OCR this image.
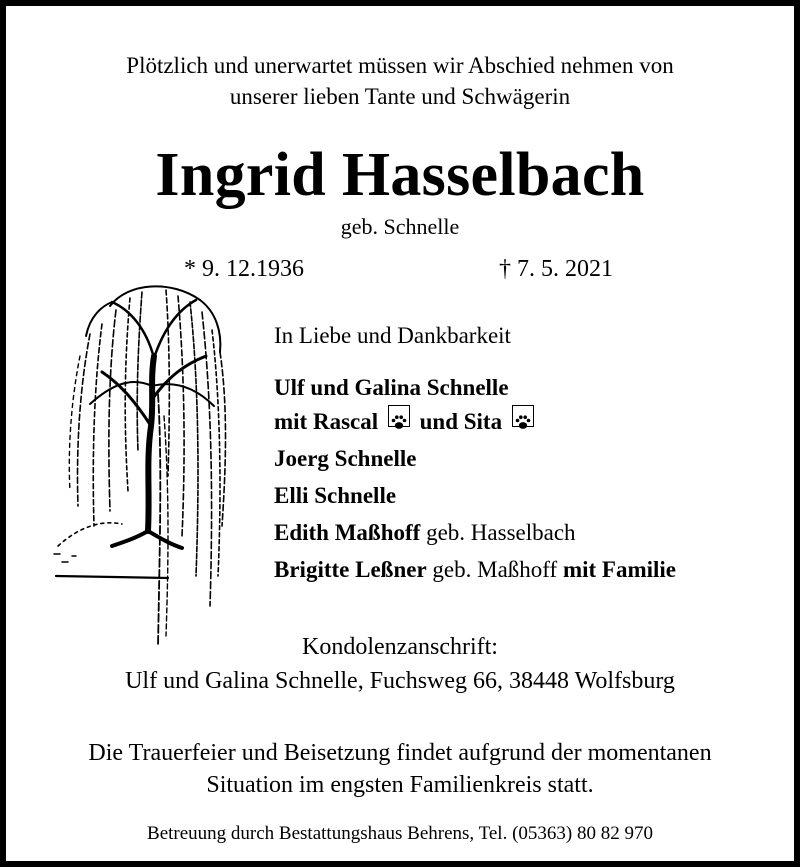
Plötzlich und unerwartet müssen wir Abschied nehmen von
unserer lieben Tante und Schwägerin
Ingrid Hasselbach
geb. Schnelle
* 9. 12.1936	† 7. 5. 2021
In Liebe und Dankbarkeit
Ulf und Galina Schnelle
mit Rascal und Sita
Joerg Schnelle
Elli Schnelle
Edith Maßhoff geb. Hasselbach
Brigitte Leßner geb. Maßhoff mit Familie
Kondolenzanschrift:
Ulf und Galina Schnelle, Fuchsweg 66, 38448 Wolfsburg
Die Trauerfeier und Beisetzung findet aufgrund der momentanen
Situation im engsten Familienkreis statt.
Betreuung durch Bestattungshaus Behrens, Tel. (05363) 80 82 970
